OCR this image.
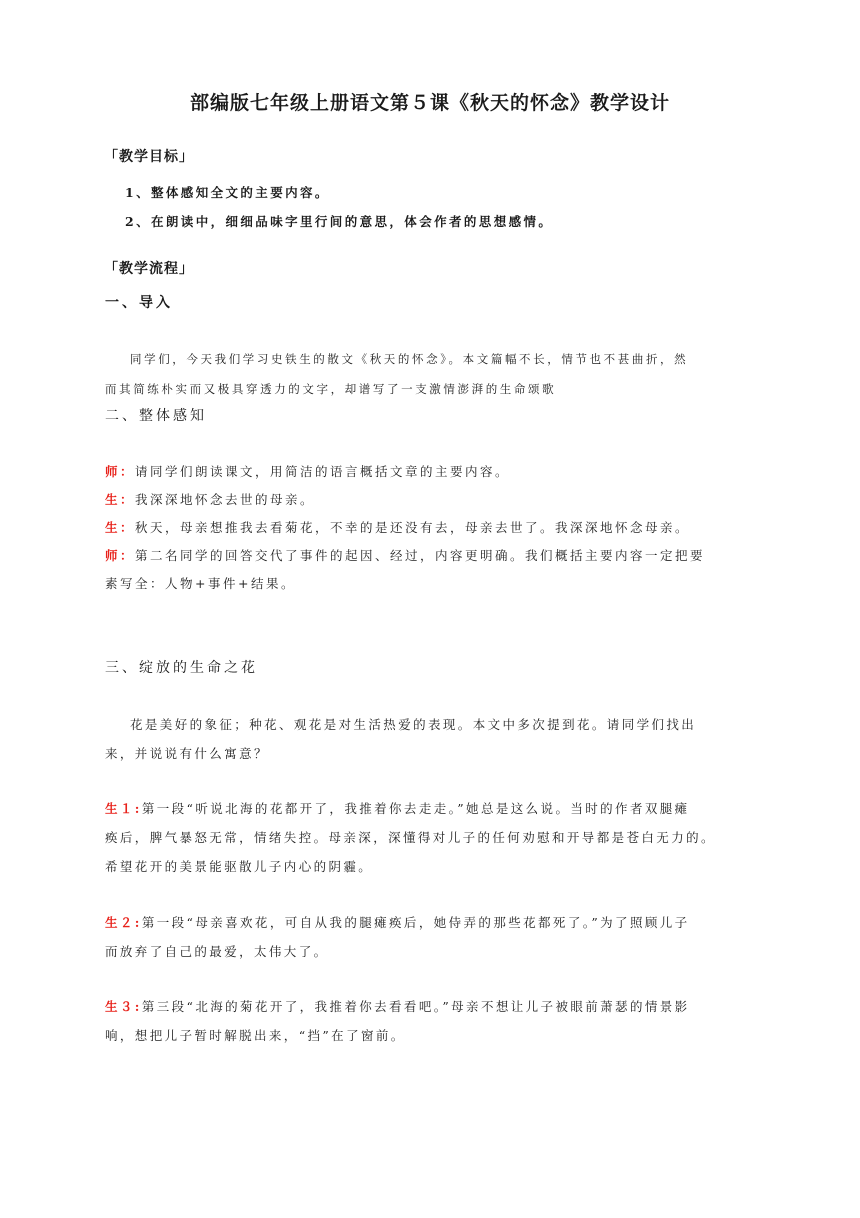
部编版七年级上册语文第５课《秋天的怀念》教学设计
「教学目标」
1、整体感知全文的主要内容。
2、在朗读中，细细品味字里行间的意思，体会作者的思想感情。
「教学流程」
一、导入
同学们，今天我们学习史铁生的散文《秋天的怀念》。本文篇幅不长，情节也不甚曲折，然
而其简练朴实而又极具穿透力的文字，却谱写了一支激情澎湃的生命颂歌
二、整体感知
师：请同学们朗读课文，用简洁的语言概括文章的主要内容。
生：我深深地怀念去世的母亲。
生：秋天，母亲想推我去看菊花，不幸的是还没有去，母亲去世了。我深深地怀念母亲。
师：第二名同学的回答交代了事件的起因、经过，内容更明确。我们概括主要内容一定把要
素写全：人物+事件+结果。
三、绽放的生命之花
花是美好的象征；种花、观花是对生活热爱的表现。本文中多次提到花。请同学们找出
来，并说说有什么寓意？
生１:第一段“听说北海的花都开了，我推着你去走走。”她总是这么说。当时的作者双腿瘫
痪后，脾气暴怒无常，情绪失控。母亲深，深懂得对儿子的任何劝慰和开导都是苍白无力的。
希望花开的美景能驱散儿子内心的阴霾。
生２:第一段“母亲喜欢花，可自从我的腿瘫痪后，她侍弄的那些花都死了。”为了照顾儿子
而放弃了自己的最爱，太伟大了。
生３:第三段“北海的菊花开了，我推着你去看看吧。”母亲不想让儿子被眼前萧瑟的情景影
响，想把儿子暂时解脱出来，“挡”在了窗前。
